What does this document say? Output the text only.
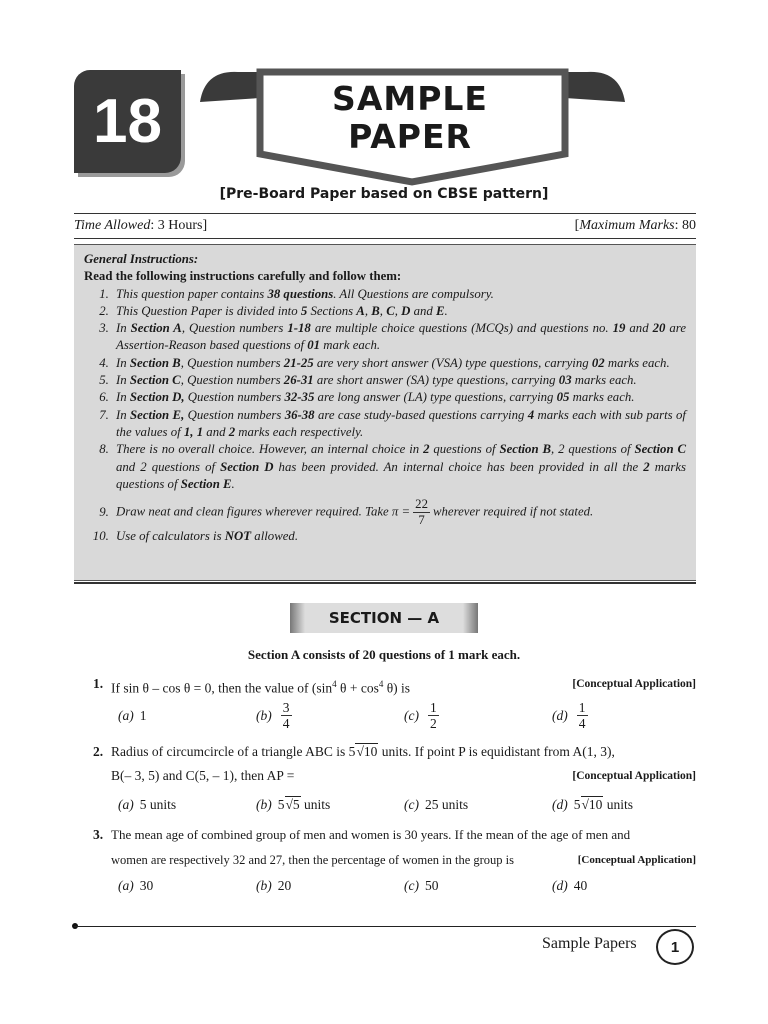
18	SAMPLE
PAPER
[Pre-Board Paper based on CBSE pattern]
Time Allowed: 3 Hours]	[Maximum Marks: 80
General Instructions:
Read the following instructions carefully and follow them:
1. This question paper contains 38 questions. All Questions are compulsory.
2. This Question Paper is divided into 5 Sections A, B, C, D and E.
3. In Section A, Question numbers 1-18 are multiple choice questions (MCQs) and questions no. 19 and 20 are Assertion-Reason based questions of 01 mark each.
4. In Section B, Question numbers 21-25 are very short answer (VSA) type questions, carrying 02 marks each.
5. In Section C, Question numbers 26-31 are short answer (SA) type questions, carrying 03 marks each.
6. In Section D, Question numbers 32-35 are long answer (LA) type questions, carrying 05 marks each.
7. In Section E, Question numbers 36-38 are case study-based questions carrying 4 marks each with sub parts of the values of 1, 1 and 2 marks each respectively.
8. There is no overall choice. However, an internal choice in 2 questions of Section B, 2 questions of Section C and 2 questions of Section D has been provided. An internal choice has been provided in all the 2 marks questions of Section E.
9. Draw neat and clean figures wherever required. Take $\pi = \frac{22}{7}$ wherever required if not stated.
10. Use of calculators is NOT allowed.
SECTION — A
Section A consists of 20 questions of 1 mark each.
1. If sin θ – cos θ = 0, then the value of ($\sin^4$ $\theta + \cos^4 \theta$) is	[Conceptual Application]
(a) 1	$(b) \frac{3}{4}$	$(c) \frac{1}{2}$	$(d) \frac{1}{4}$
2. Radius of circumcircle of a triangle ABC is 5√10 units. If point P is equidistant from A(1, 3),
B(– 3, 5) and C(5, – 1), then AP =	[Conceptual Application]
(a) 5 units	(b) 5√5 units	(c) 25 units	(d) 5√10 units
3. The mean age of combined group of men and women is 30 years. If the mean of the age of men and
women are respectively 32 and 27, then the percentage of women in the group is	[Conceptual Application]
(a) 30	(b) 20	(c) 50	(d) 40
Sample Papers	1
